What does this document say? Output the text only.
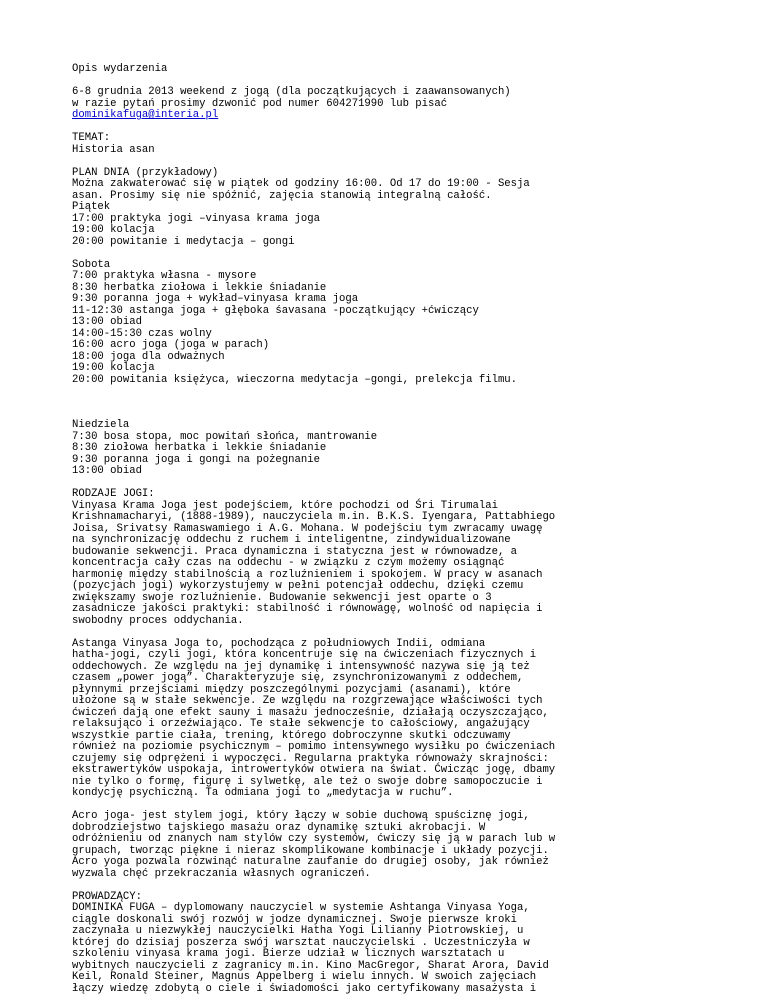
Opis wydarzenia
6-8 grudnia 2013 weekend z jogą (dla początkujących i zaawansowanych)
w razie pytań prosimy dzwonić pod numer 604271990 lub pisać
dominikafuga@interia.pl
TEMAT:
Historia asan
PLAN DNIA (przykładowy)
Można zakwaterować się w piątek od godziny 16:00. Od 17 do 19:00 - Sesja
asan. Prosimy się nie spóźnić, zajęcia stanowią integralną całość.
Piątek
17:00 praktyka jogi –vinyasa krama joga
19:00 kolacja
20:00 powitanie i medytacja – gongi
Sobota
7:00 praktyka własna - mysore
8:30 herbatka ziołowa i lekkie śniadanie
9:30 poranna joga + wykład–vinyasa krama joga
11-12:30 astanga joga + głęboka śavasana -początkujący +ćwiczący
13:00 obiad
14:00-15:30 czas wolny
16:00 acro joga (joga w parach)
18:00 joga dla odważnych
19:00 kolacja
20:00 powitania księżyca, wieczorna medytacja –gongi, prelekcja filmu.
Niedziela
7:30 bosa stopa, moc powitań słońca, mantrowanie
8:30 ziołowa herbatka i lekkie śniadanie
9:30 poranna joga i gongi na pożegnanie
13:00 obiad
RODZAJE JOGI:
Vinyasa Krama Joga jest podejściem, które pochodzi od Śri Tirumalai
Krishnamacharyi, (1888-1989), nauczyciela m.in. B.K.S. Iyengara, Pattabhiego
Joisa, Srivatsy Ramaswamiego i A.G. Mohana. W podejściu tym zwracamy uwagę
na synchronizację oddechu z ruchem i inteligentne, zindywidualizowane
budowanie sekwencji. Praca dynamiczna i statyczna jest w równowadze, a
koncentracja cały czas na oddechu - w związku z czym możemy osiągnąć
harmonię między stabilnością a rozluźnieniem i spokojem. W pracy w asanach
(pozycjach jogi) wykorzystujemy w pełni potencjał oddechu, dzięki czemu
zwiększamy swoje rozluźnienie. Budowanie sekwencji jest oparte o 3
zasadnicze jakości praktyki: stabilność i równowagę, wolność od napięcia i
swobodny proces oddychania.
Astanga Vinyasa Joga to, pochodząca z południowych Indii, odmiana
hatha-jogi, czyli jogi, która koncentruje się na ćwiczeniach fizycznych i
oddechowych. Ze względu na jej dynamikę i intensywność nazywa się ją też
czasem „power jogą”. Charakteryzuje się, zsynchronizowanymi z oddechem,
płynnymi przejściami między poszczególnymi pozycjami (asanami), które
ułożone są w stałe sekwencje. Ze względu na rozgrzewające właściwości tych
ćwiczeń dają one efekt sauny i masażu jednocześnie, działają oczyszczająco,
relaksująco i orzeźwiająco. Te stałe sekwencje to całościowy, angażujący
wszystkie partie ciała, trening, którego dobroczynne skutki odczuwamy
również na poziomie psychicznym – pomimo intensywnego wysiłku po ćwiczeniach
czujemy się odprężeni i wypoczęci. Regularna praktyka równoważy skrajności:
ekstrawertyków uspokaja, introwertyków otwiera na świat. Ćwicząc jogę, dbamy
nie tylko o formę, figurę i sylwetkę, ale też o swoje dobre samopoczucie i
kondycję psychiczną. Ta odmiana jogi to „medytacja w ruchu”.
Acro joga- jest stylem jogi, który łączy w sobie duchową spuściznę jogi,
dobrodziejstwo tajskiego masażu oraz dynamikę sztuki akrobacji. W
odróżnieniu od znanych nam stylów czy systemów, ćwiczy się ją w parach lub w
grupach, tworząc piękne i nieraz skomplikowane kombinacje i układy pozycji.
Acro yoga pozwala rozwinąć naturalne zaufanie do drugiej osoby, jak również
wyzwala chęć przekraczania własnych ograniczeń.
PROWADZĄCY:
DOMINIKA FUGA – dyplomowany nauczyciel w systemie Ashtanga Vinyasa Yoga,
ciągle doskonali swój rozwój w jodze dynamicznej. Swoje pierwsze kroki
zaczynała u niezwykłej nauczycielki Hatha Yogi Lilianny Piotrowskiej, u
której do dzisiaj poszerza swój warsztat nauczycielski . Uczestniczyła w
szkoleniu vinyasa krama jogi. Bierze udział w licznych warsztatach u
wybitnych nauczycieli z zagranicy m.in. Kino MacGregor, Sharat Arora, David
Keil, Ronald Steiner, Magnus Appelberg i wielu innych. W swoich zajęciach
łączy wiedzę zdobytą o ciele i świadomości jako certyfikowany masażysta i
